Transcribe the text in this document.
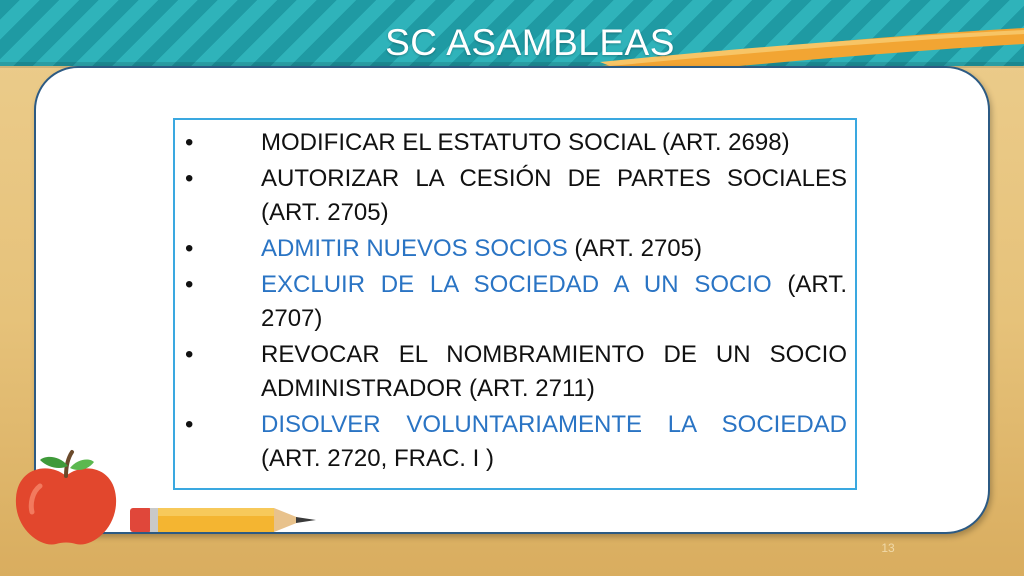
SC ASAMBLEAS
•	MODIFICAR EL ESTATUTO SOCIAL (ART. 2698)
•	AUTORIZAR LA CESIÓN DE PARTES SOCIALES (ART. 2705)
•	ADMITIR NUEVOS SOCIOS (ART. 2705)
•	EXCLUIR DE LA SOCIEDAD A UN SOCIO (ART. 2707)
•	REVOCAR EL NOMBRAMIENTO DE UN SOCIO ADMINISTRADOR (ART. 2711)
•	DISOLVER VOLUNTARIAMENTE LA SOCIEDAD (ART. 2720, FRAC. I )
13
